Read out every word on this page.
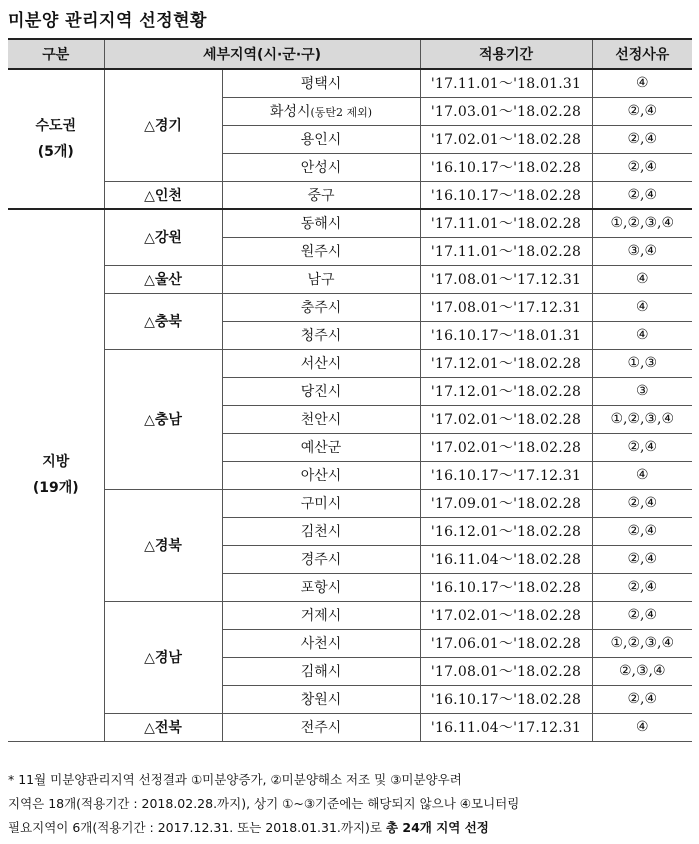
미분양 관리지역 선정현황
구분	세부지역(시·군·구)		적용기간	선정사유

수도권
(5개)	△경기	평택시	'17.11.01～'18.01.31	④
		화성시(동탄2 제외)	'17.03.01～'18.02.28	②,④
		용인시	'17.02.01～'18.02.28	②,④
		안성시	'16.10.17～'18.02.28	②,④
	△인천	중구	'16.10.17～'18.02.28	②,④

지방
(19개)	△강원	동해시	'17.11.01～'18.02.28	①,②,③,④
		원주시	'17.11.01～'18.02.28	③,④
	△울산	남구	'17.08.01～'17.12.31	④
	△충북	충주시	'17.08.01～'17.12.31	④
		청주시	'16.10.17～'18.01.31	④
	△충남	서산시	'17.12.01～'18.02.28	①,③
		당진시	'17.12.01～'18.02.28	③
		천안시	'17.02.01～'18.02.28	①,②,③,④
		예산군	'17.02.01～'18.02.28	②,④
		아산시	'16.10.17～'17.12.31	④
	△경북	구미시	'17.09.01～'18.02.28	②,④
		김천시	'16.12.01～'18.02.28	②,④
		경주시	'16.11.04～'18.02.28	②,④
		포항시	'16.10.17～'18.02.28	②,④
	△경남	거제시	'17.02.01～'18.02.28	②,④
		사천시	'17.06.01～'18.02.28	①,②,③,④
		김해시	'17.08.01～'18.02.28	②,③,④
		창원시	'16.10.17～'18.02.28	②,④
	△전북	전주시	'16.11.04～'17.12.31	④
* 11월 미분양관리지역 선정결과 ①미분양증가, ②미분양해소 저조 및 ③미분양우려
지역은 18개(적용기간 : 2018.02.28.까지), 상기 ①~③기준에는 해당되지 않으나 ④모니터링
필요지역이 6개(적용기간 : 2017.12.31. 또는 2018.01.31.까지)로 총 24개 지역 선정
